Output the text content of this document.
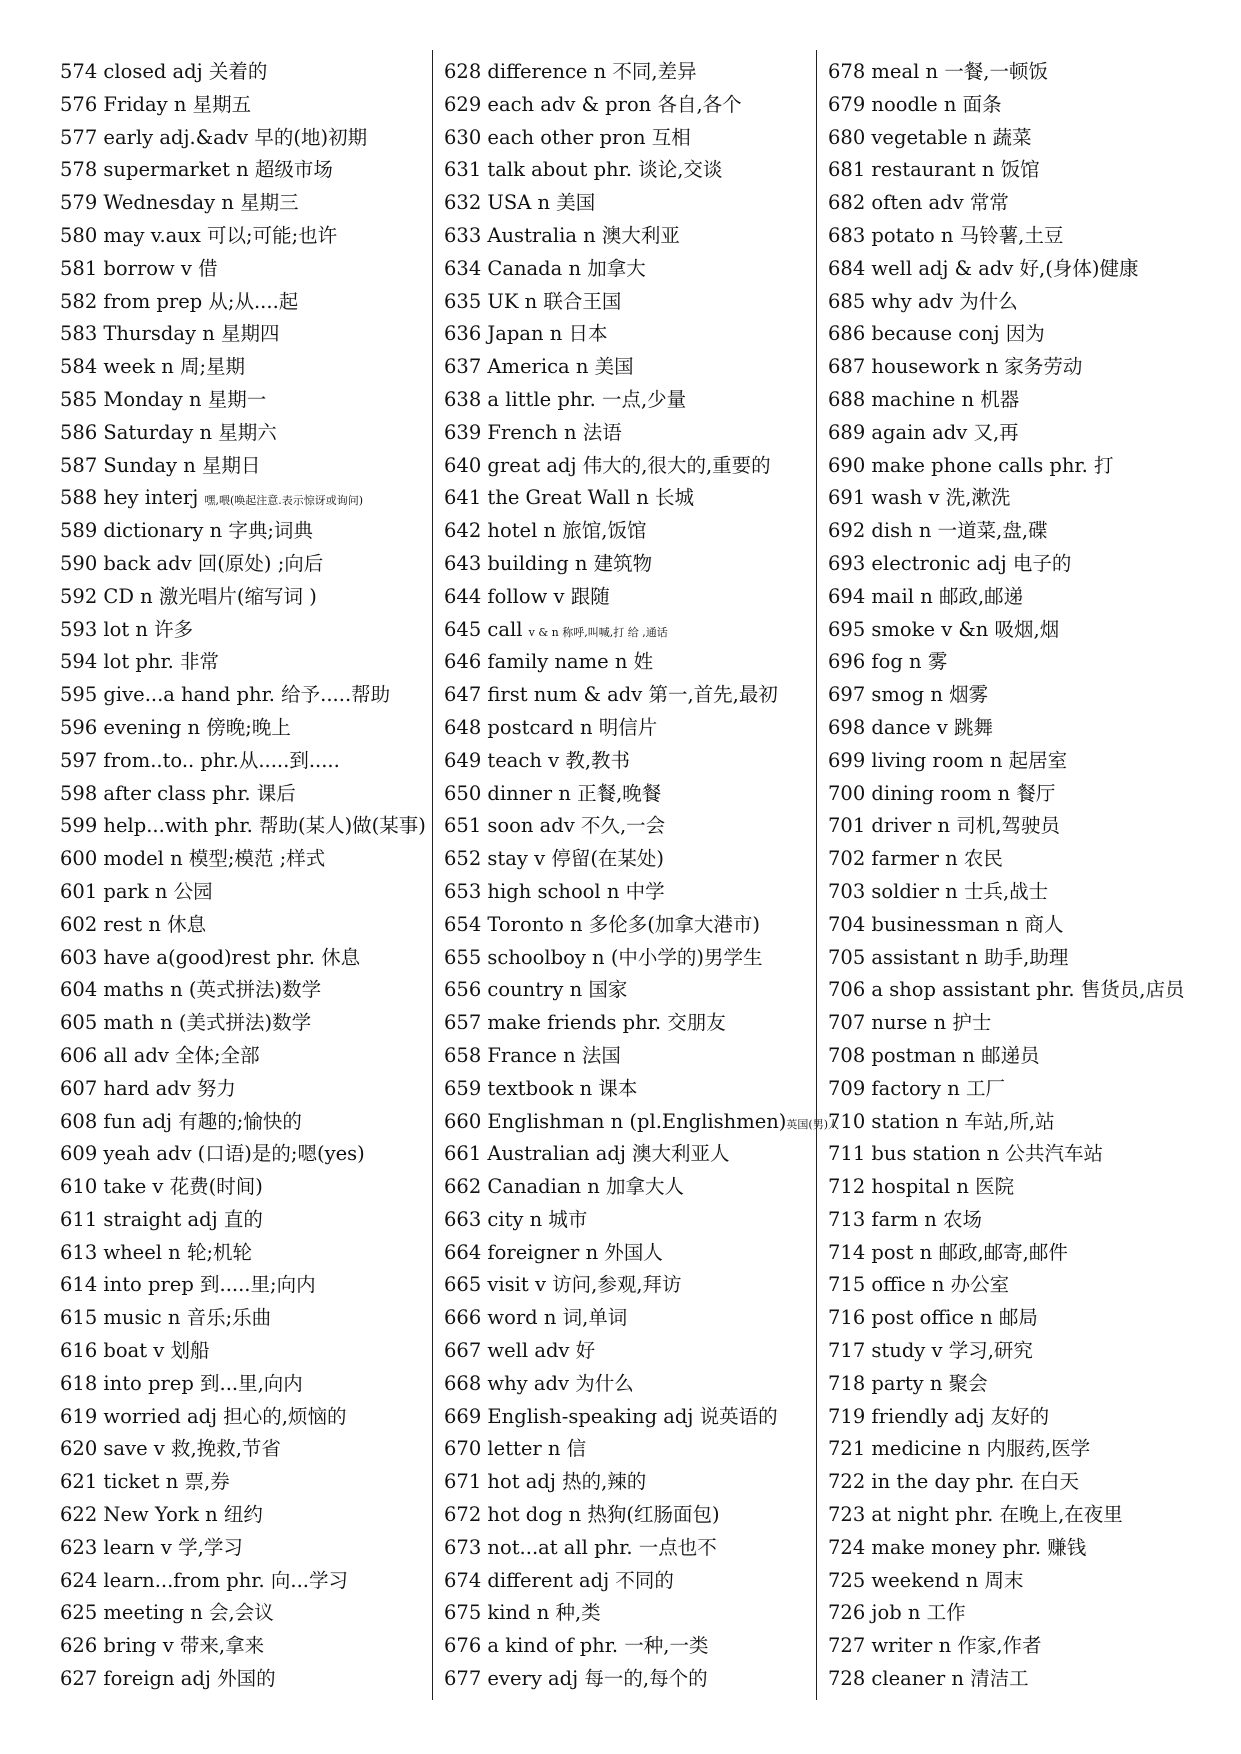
574 closed adj 关着的
576 Friday n 星期五
577 early adj.&adv 早的(地)初期
578 supermarket n 超级市场
579 Wednesday n 星期三
580 may v.aux 可以;可能;也许
581 borrow v 借
582 from prep 从;从....起
583 Thursday n 星期四
584 week n 周;星期
585 Monday n 星期一
586 Saturday n 星期六
587 Sunday n 星期日
588 hey interj 嘿,喂(唤起注意.表示惊讶或询问)
589 dictionary n 字典;词典
590 back adv 回(原处) ;向后
592 CD n 激光唱片(缩写词 )
593 lot n 许多
594 lot phr. 非常
595 give...a hand phr. 给予.....帮助
596 evening n 傍晚;晚上
597 from..to.. phr.从.....到.....
598 after class phr. 课后
599 help...with phr. 帮助(某人)做(某事)
600 model n 模型;模范 ;样式
601 park n 公园
602 rest n 休息
603 have a(good)rest phr. 休息
604 maths n (英式拼法)数学
605 math n (美式拼法)数学
606 all adv 全体;全部
607 hard adv 努力
608 fun adj 有趣的;愉快的
609 yeah adv (口语)是的;嗯(yes)
610 take v 花费(时间)
611 straight adj 直的
613 wheel n 轮;机轮
614 into prep 到.....里;向内
615 music n 音乐;乐曲
616 boat v 划船
618 into prep 到...里,向内
619 worried adj 担心的,烦恼的
620 save v 救,挽救,节省
621 ticket n 票,券
622 New York n 纽约
623 learn v 学,学习
624 learn...from phr. 向...学习
625 meeting n 会,会议
626 bring v 带来,拿来
627 foreign adj 外国的
628 difference n 不同,差异
629 each adv & pron 各自,各个
630 each other pron 互相
631 talk about phr. 谈论,交谈
632 USA n 美国
633 Australia n 澳大利亚
634 Canada n 加拿大
635 UK n 联合王国
636 Japan n 日本
637 America n 美国
638 a little phr. 一点,少量
639 French n 法语
640 great adj 伟大的,很大的,重要的
641 the Great Wall n 长城
642 hotel n 旅馆,饭馆
643 building n 建筑物
644 follow v 跟随
645 call v & n 称呼,叫喊,打 给 ,通话
646 family name n 姓
647 first num & adv 第一,首先,最初
648 postcard n 明信片
649 teach v 教,教书
650 dinner n 正餐,晚餐
651 soon adv 不久,一会
652 stay v 停留(在某处)
653 high school n 中学
654 Toronto n 多伦多(加拿大港市)
655 schoolboy n (中小学的)男学生
656 country n 国家
657 make friends phr. 交朋友
658 France n 法国
659 textbook n 课本
660 Englishman n (pl.Englishmen)英国(男)人
661 Australian adj 澳大利亚人
662 Canadian n 加拿大人
663 city n 城市
664 foreigner n 外国人
665 visit v 访问,参观,拜访
666 word n 词,单词
667 well adv 好
668 why adv 为什么
669 English-speaking adj 说英语的
670 letter n 信
671 hot adj 热的,辣的
672 hot dog n 热狗(红肠面包)
673 not...at all phr. 一点也不
674 different adj 不同的
675 kind n 种,类
676 a kind of phr. 一种,一类
677 every adj 每一的,每个的
678 meal n 一餐,一顿饭
679 noodle n 面条
680 vegetable n 蔬菜
681 restaurant n 饭馆
682 often adv 常常
683 potato n 马铃薯,土豆
684 well adj & adv 好,(身体)健康
685 why adv 为什么
686 because conj 因为
687 housework n 家务劳动
688 machine n 机器
689 again adv 又,再
690 make phone calls phr. 打
691 wash v 洗,漱洗
692 dish n 一道菜,盘,碟
693 electronic adj 电子的
694 mail n 邮政,邮递
695 smoke v &n 吸烟,烟
696 fog n 雾
697 smog n 烟雾
698 dance v 跳舞
699 living room n 起居室
700 dining room n 餐厅
701 driver n 司机,驾驶员
702 farmer n 农民
703 soldier n 士兵,战士
704 businessman n 商人
705 assistant n 助手,助理
706 a shop assistant phr. 售货员,店员
707 nurse n 护士
708 postman n 邮递员
709 factory n 工厂
710 station n 车站,所,站
711 bus station n 公共汽车站
712 hospital n 医院
713 farm n 农场
714 post n 邮政,邮寄,邮件
715 office n 办公室
716 post office n 邮局
717 study v 学习,研究
718 party n 聚会
719 friendly adj 友好的
721 medicine n 内服药,医学
722 in the day phr. 在白天
723 at night phr. 在晚上,在夜里
724 make money phr. 赚钱
725 weekend n 周末
726 job n 工作
727 writer n 作家,作者
728 cleaner n 清洁工
